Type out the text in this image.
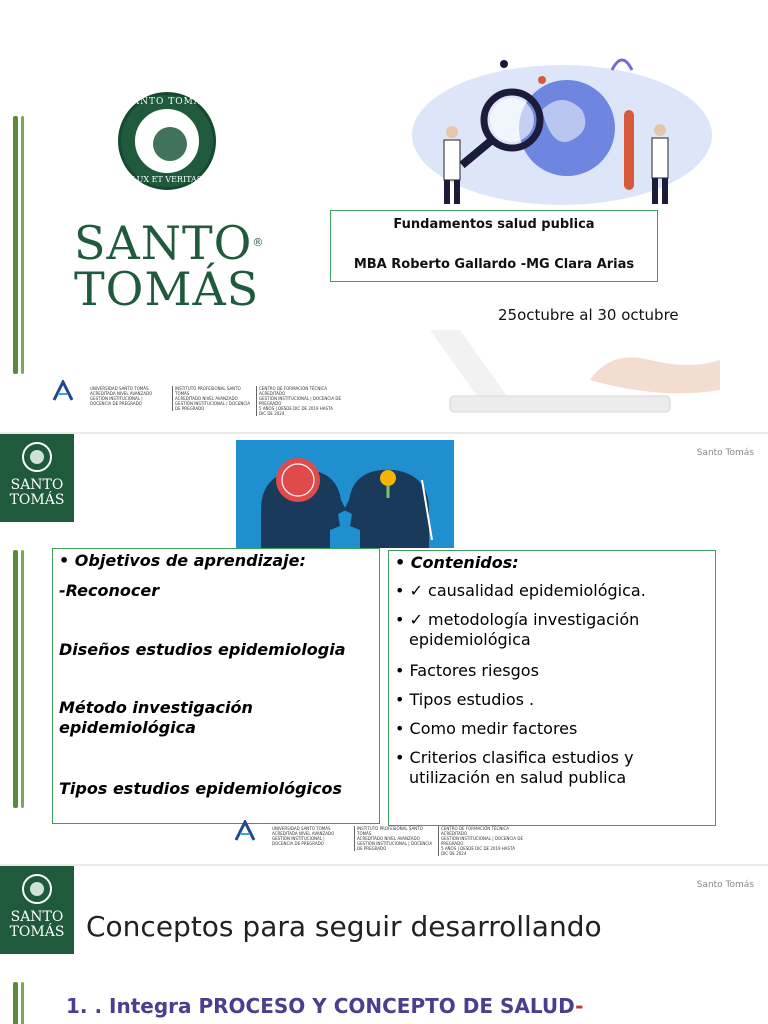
SANTO TOMÁS
LUX ET VERITAS
SANTO®
TOMÁS
Fundamentos salud publica
MBA Roberto Gallardo -MG Clara Arias
25octubre al 30 octubre
UNIVERSIDAD SANTO TOMÁS
ACREDITADA NIVEL AVANZADO
GESTIÓN INSTITUCIONAL | DOCENCIA DE PREGRADO
INSTITUTO PROFESIONAL SANTO TOMÁS
ACREDITADO NIVEL AVANZADO
GESTIÓN INSTITUCIONAL | DOCENCIA DE PREGRADO
CENTRO DE FORMACIÓN TÉCNICA ACREDITADO
GESTIÓN INSTITUCIONAL | DOCENCIA DE PREGRADO
5 AÑOS | DESDE DIC DE 2019 HASTA DIC DE 2024
SANTO
TOMÁS
Santo Tomás
• Objetivos de aprendizaje:
-Reconocer
Diseños estudios epidemiologia
Método investigación
epidemiológica
Tipos estudios epidemiológicos
• Contenidos:
• ✓ causalidad epidemiológica.
• ✓ metodología investigación
epidemiológica
• Factores riesgos
• Tipos estudios .
• Como medir factores
• Criterios clasifica estudios y
utilización en salud publica
UNIVERSIDAD SANTO TOMÁS
ACREDITADA NIVEL AVANZADO
GESTIÓN INSTITUCIONAL | DOCENCIA DE PREGRADO
INSTITUTO PROFESIONAL SANTO TOMÁS
ACREDITADO NIVEL AVANZADO
GESTIÓN INSTITUCIONAL | DOCENCIA DE PREGRADO
CENTRO DE FORMACIÓN TÉCNICA ACREDITADO
GESTIÓN INSTITUCIONAL | DOCENCIA DE PREGRADO
5 AÑOS | DESDE DIC DE 2019 HASTA DIC DE 2024
SANTO
TOMÁS
Santo Tomás
Conceptos para seguir desarrollando
1. . Integra PROCESO Y CONCEPTO DE SALUD-
